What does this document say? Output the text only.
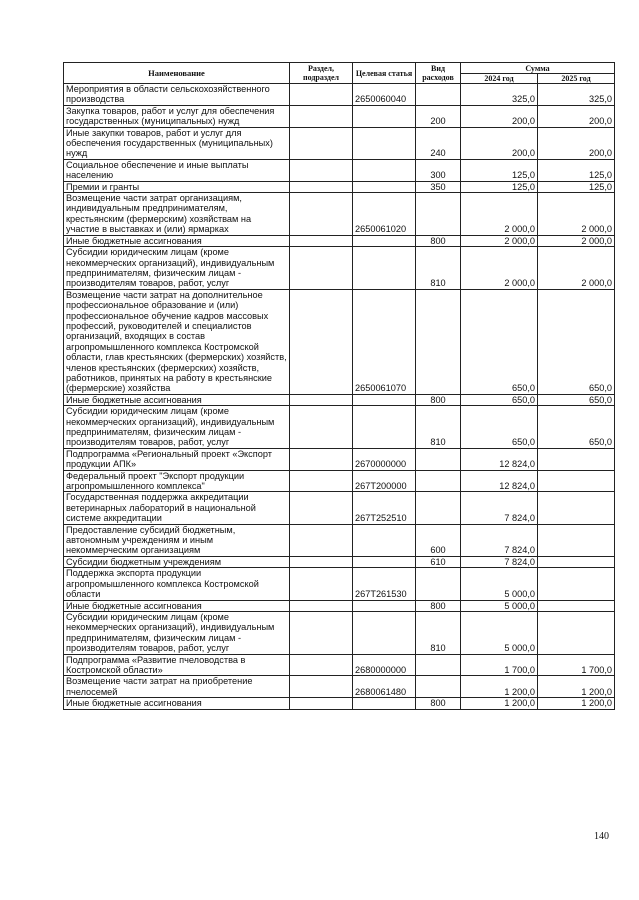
Наименование	Раздел, подраздел	Целевая статья	Вид расходов	Сумма	
				2024 год	2025 год
Мероприятия в области сельскохозяйственного производства		2650060040		325,0	325,0
Закупка товаров, работ и услуг для обеспечения государственных (муниципальных) нужд			200	200,0	200,0
Иные закупки товаров, работ и услуг для обеспечения государственных (муниципальных) нужд			240	200,0	200,0
Социальное обеспечение и иные выплаты населению			300	125,0	125,0
Премии и гранты			350	125,0	125,0
Возмещение части затрат организациям, индивидуальным предпринимателям, крестьянским (фермерским) хозяйствам на участие в выставках и (или) ярмарках		2650061020		2 000,0	2 000,0
Иные бюджетные ассигнования			800	2 000,0	2 000,0
Субсидии юридическим лицам (кроме некоммерческих организаций), индивидуальным предпринимателям, физическим лицам - производителям товаров, работ, услуг			810	2 000,0	2 000,0
Возмещение части затрат на дополнительное профессиональное образование и (или) профессиональное обучение кадров массовых профессий, руководителей и специалистов организаций, входящих в состав агропромышленного комплекса Костромской области, глав крестьянских (фермерских) хозяйств, членов крестьянских (фермерских) хозяйств, работников, принятых на работу в крестьянские (фермерские) хозяйства		2650061070		650,0	650,0
Иные бюджетные ассигнования			800	650,0	650,0
Субсидии юридическим лицам (кроме некоммерческих организаций), индивидуальным предпринимателям, физическим лицам - производителям товаров, работ, услуг			810	650,0	650,0
Подпрограмма «Региональный проект «Экспорт продукции АПК»		2670000000		12 824,0	
Федеральный проект "Экспорт продукции агропромышленного комплекса"		267T200000		12 824,0	
Государственная поддержка аккредитации ветеринарных лабораторий в национальной системе аккредитации		267T252510		7 824,0	
Предоставление субсидий бюджетным, автономным учреждениям и иным некоммерческим организациям			600	7 824,0	
Субсидии бюджетным учреждениям			610	7 824,0	
Поддержка экспорта продукции агропромышленного комплекса Костромской области		267T261530		5 000,0	
Иные бюджетные ассигнования			800	5 000,0	
Субсидии юридическим лицам (кроме некоммерческих организаций), индивидуальным предпринимателям, физическим лицам - производителям товаров, работ, услуг			810	5 000,0	
Подпрограмма «Развитие пчеловодства в Костромской области»		2680000000		1 700,0	1 700,0
Возмещение части затрат на приобретение пчелосемей		2680061480		1 200,0	1 200,0
Иные бюджетные ассигнования			800	1 200,0	1 200,0
140
